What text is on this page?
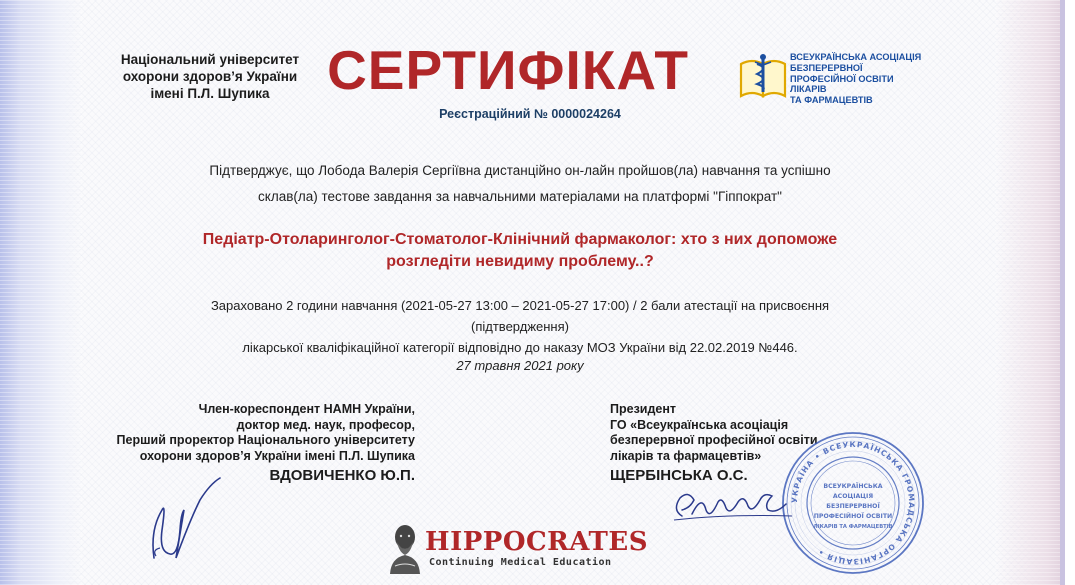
Національний університет
охорони здоров’я України
імені П.Л. Шупика	СЕРТИФІКАТ
Реєстраційний № 0000024264
ВСЕУКРАЇНСЬКА АСОЦІАЦІЯ
БЕЗПЕРЕРВНОЇ
ПРОФЕСІЙНОЇ ОСВІТИ
ЛІКАРІВ
ТА ФАРМАЦЕВТІВ
Підтверджує, що Лобода Валерія Сергіївна дистанційно он-лайн пройшов(ла) навчання та успішно
склав(ла) тестове завдання за навчальними матеріалами на платформі "Гіппократ"
Педіатр-Отоларинголог-Стоматолог-Клінічний фармаколог: хто з них допоможе
розгледіти невидиму проблему..?
Зараховано 2 години навчання (2021-05-27 13:00 – 2021-05-27 17:00) / 2 бали атестації на присвоєння
(підтвердження)
лікарської кваліфікаційної категорії відповідно до наказу МОЗ України від 22.02.2019 №446.
27 травня 2021 року
Член-кореспондент НАМН України,
доктор мед. наук, професор,
Перший проректор Національного університету
охорони здоров’я України імені П.Л. Шупика
ВДОВИЧЕНКО Ю.П.
Президент
ГО «Всеукраїнська асоціація
безперервної професійної освіти
лікарів та фармацевтів»
ЩЕРБІНСЬКА О.С.
УКРАЇНА • ВСЕУКРАЇНСЬКА ГРОМАДСЬКА ОРГАНІЗАЦІЯ •
ВСЕУКРАЇНСЬКА
АСОЦІАЦІЯ
БЕЗПЕРЕРВНОЇ
ПРОФЕСІЙНОЇ ОСВІТИ
ЛІКАРІВ ТА ФАРМАЦЕВТІВ
HIPPOCRATES
Continuing Medical Education
